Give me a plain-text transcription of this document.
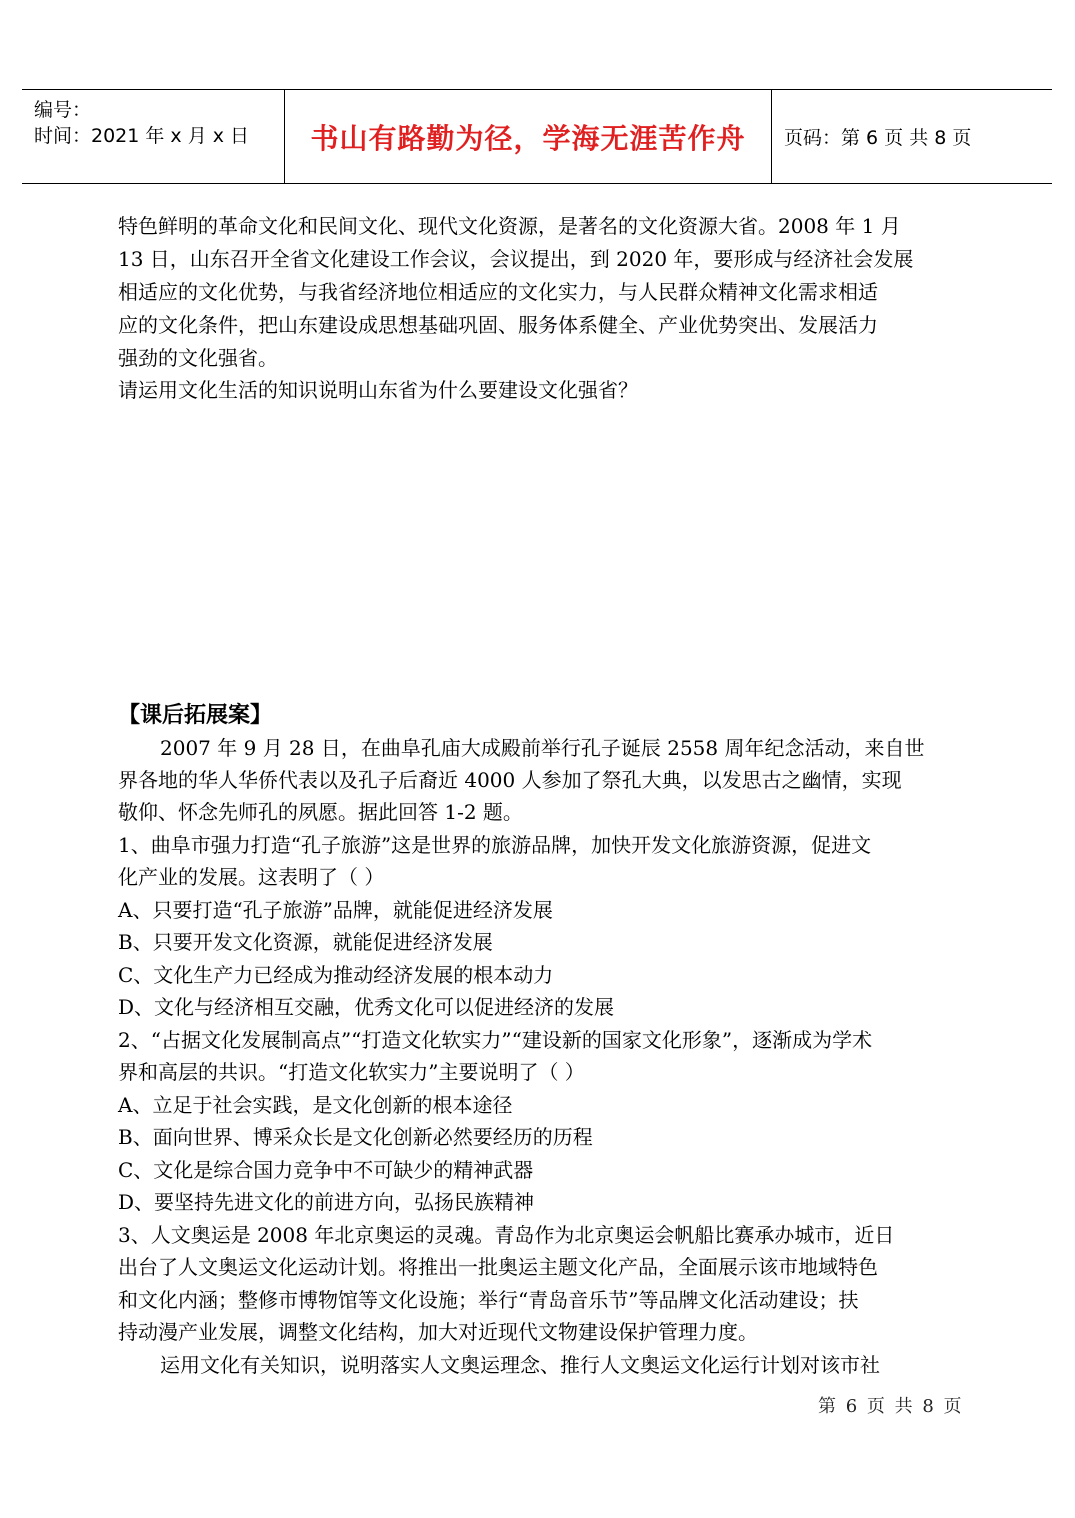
编号：
时间：2021 年 x 月 x 日 书山有路勤为径，学海无涯苦作舟 页码：第 6 页 共 8 页
特色鲜明的革命文化和民间文化、现代文化资源，是著名的文化资源大省。2008 年 1 月
13 日，山东召开全省文化建设工作会议，会议提出，到 2020 年，要形成与经济社会发展
相适应的文化优势，与我省经济地位相适应的文化实力，与人民群众精神文化需求相适
应的文化条件，把山东建设成思想基础巩固、服务体系健全、产业优势突出、发展活力
强劲的文化强省。
请运用文化生活的知识说明山东省为什么要建设文化强省？
【课后拓展案】
2007 年 9 月 28 日，在曲阜孔庙大成殿前举行孔子诞辰 2558 周年纪念活动，来自世
界各地的华人华侨代表以及孔子后裔近 4000 人参加了祭孔大典，以发思古之幽情，实现
敬仰、怀念先师孔的夙愿。据此回答 1-2 题。
1、曲阜市强力打造“孔子旅游”这是世界的旅游品牌，加快开发文化旅游资源，促进文
化产业的发展。这表明了（ ）
A、只要打造“孔子旅游”品牌，就能促进经济发展
B、只要开发文化资源，就能促进经济发展
C、文化生产力已经成为推动经济发展的根本动力
D、文化与经济相互交融，优秀文化可以促进经济的发展
2、“占据文化发展制高点”“打造文化软实力”“建设新的国家文化形象”，逐渐成为学术
界和高层的共识。“打造文化软实力”主要说明了（ ）
A、立足于社会实践，是文化创新的根本途径
B、面向世界、博采众长是文化创新必然要经历的历程
C、文化是综合国力竞争中不可缺少的精神武器
D、要坚持先进文化的前进方向，弘扬民族精神
3、人文奥运是 2008 年北京奥运的灵魂。青岛作为北京奥运会帆船比赛承办城市，近日
出台了人文奥运文化运动计划。将推出一批奥运主题文化产品，全面展示该市地域特色
和文化内涵；整修市博物馆等文化设施；举行“青岛音乐节”等品牌文化活动建设；扶
持动漫产业发展，调整文化结构，加大对近现代文物建设保护管理力度。
运用文化有关知识，说明落实人文奥运理念、推行人文奥运文化运行计划对该市社
第 6 页 共 8 页
